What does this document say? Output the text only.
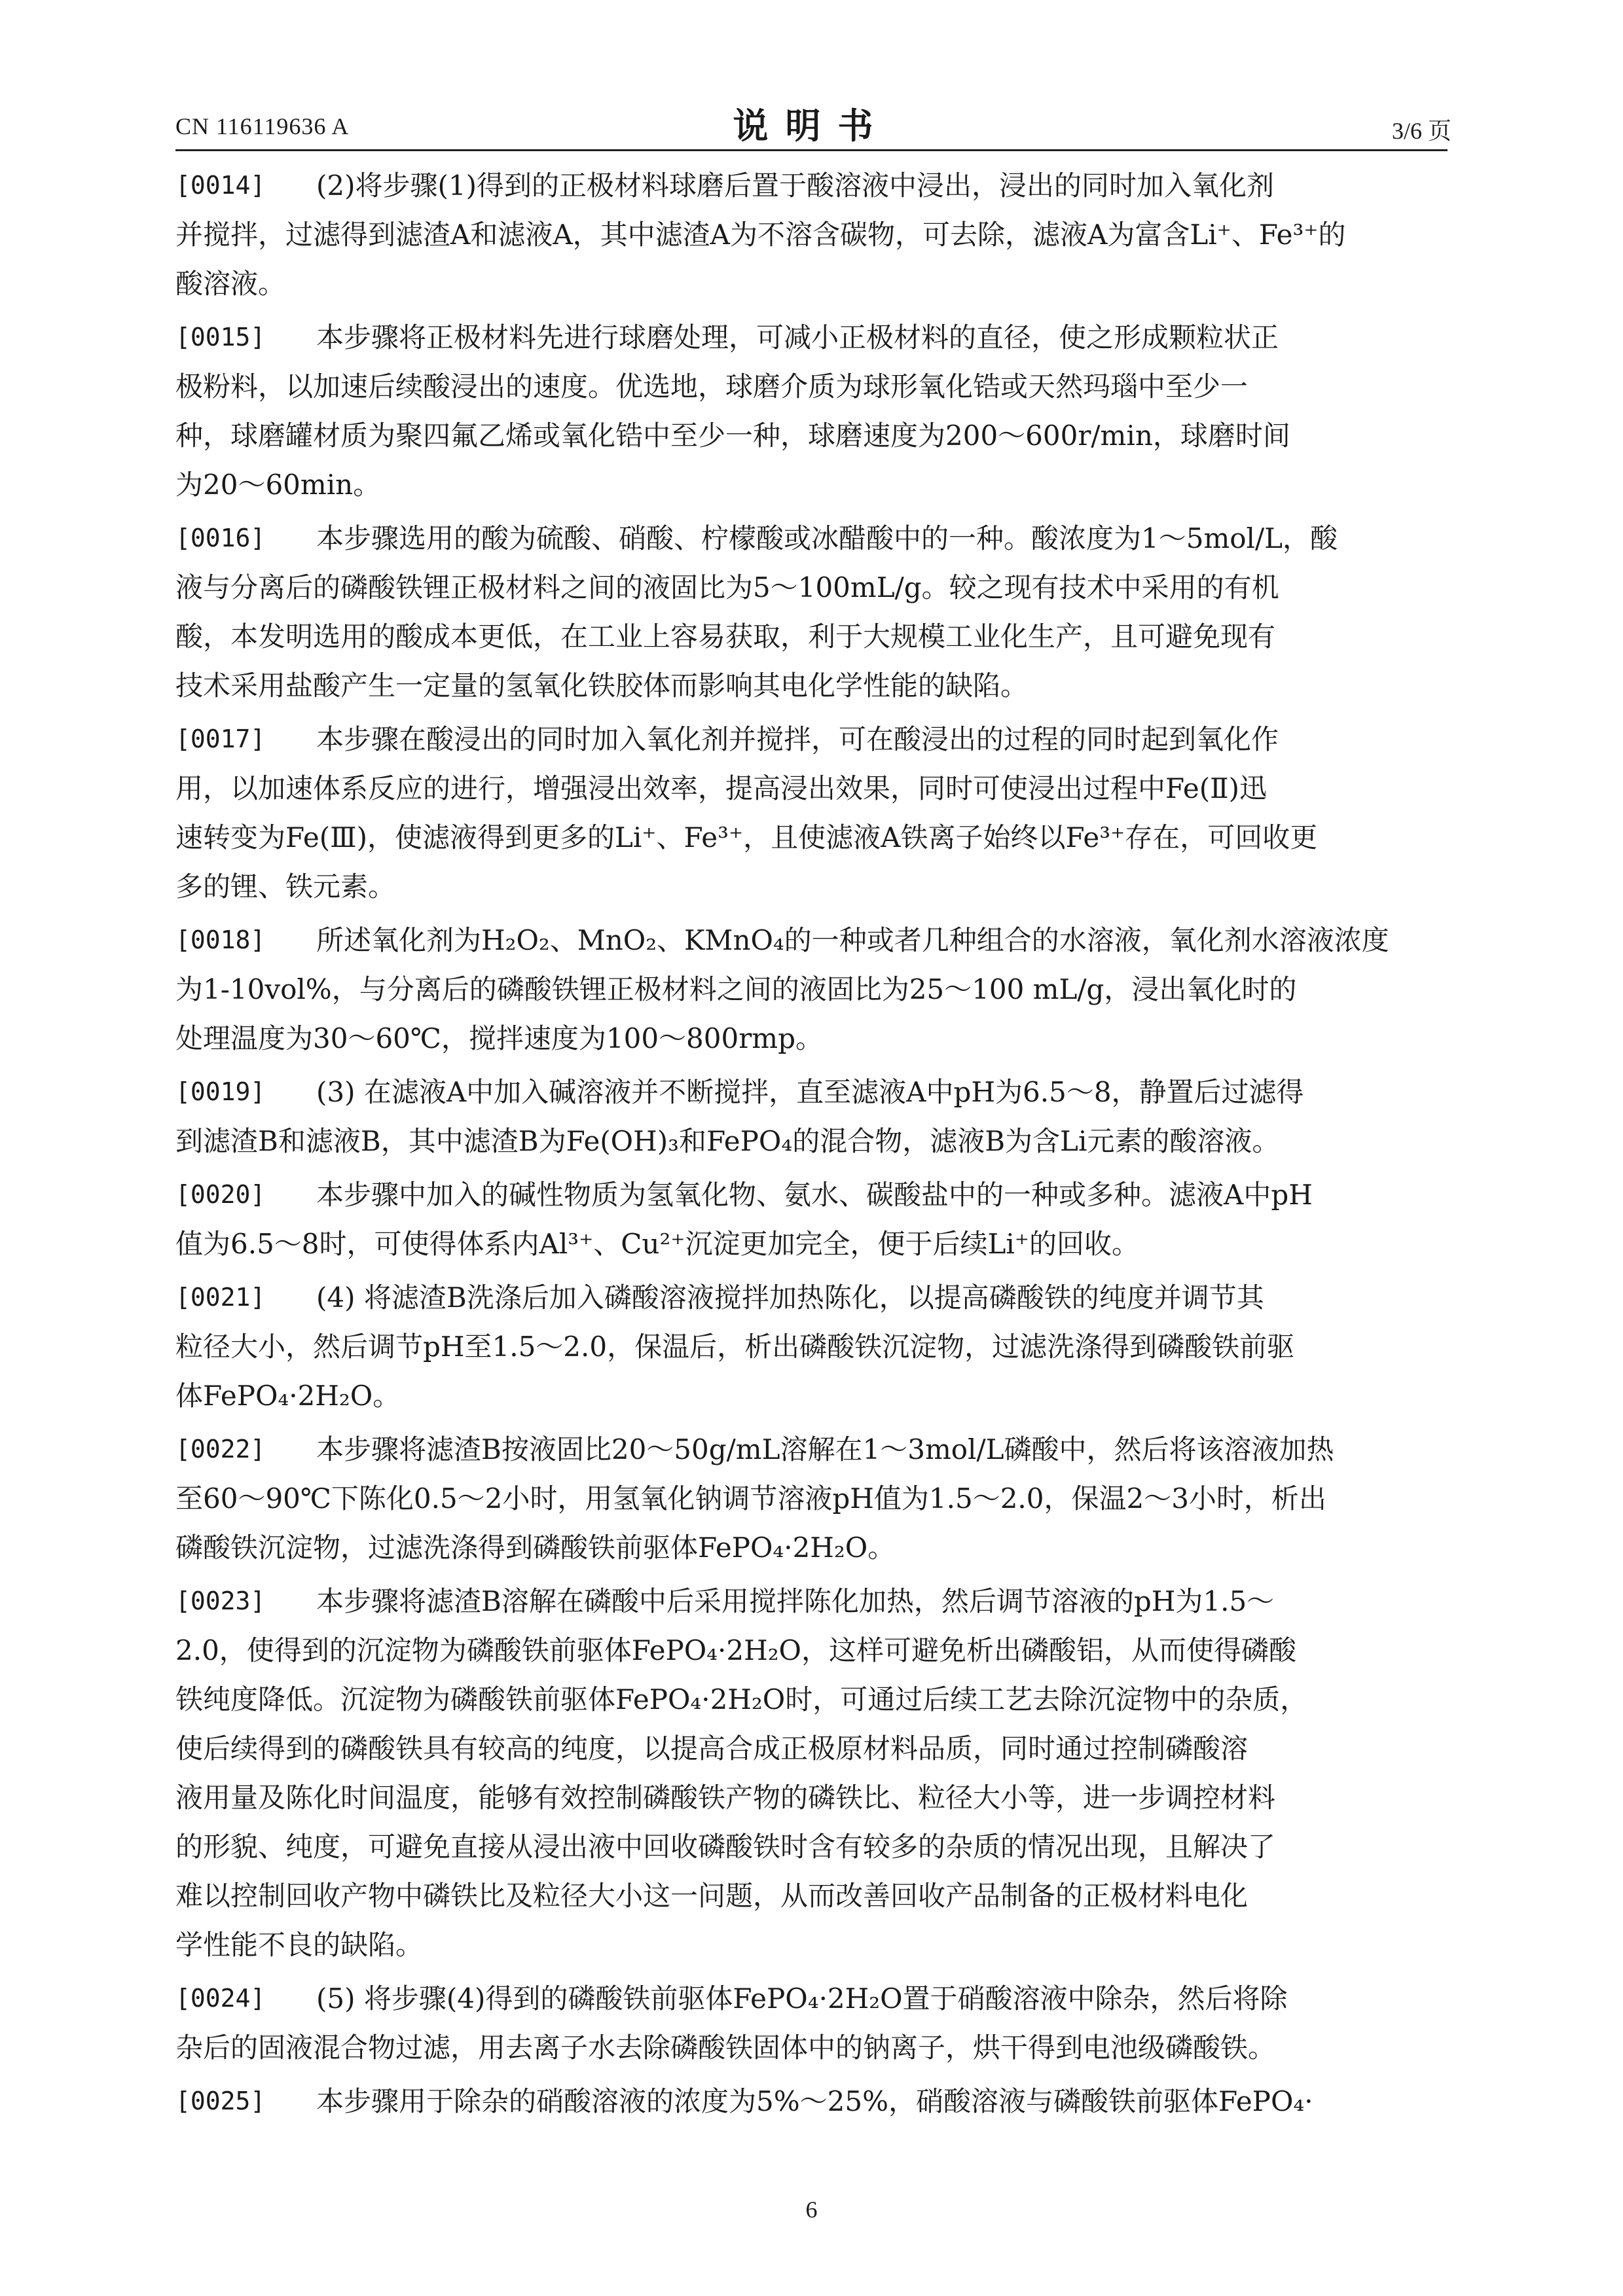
CN 116119636 A	说明书	3/6 页
[0014] (2)将步骤(1)得到的正极材料球磨后置于酸溶液中浸出，浸出的同时加入氧化剂
并搅拌，过滤得到滤渣A和滤液A，其中滤渣A为不溶含碳物，可去除，滤液A为富含Li⁺、Fe³⁺的
酸溶液。
[0015] 本步骤将正极材料先进行球磨处理，可减小正极材料的直径，使之形成颗粒状正
极粉料，以加速后续酸浸出的速度。优选地，球磨介质为球形氧化锆或天然玛瑙中至少一
种，球磨罐材质为聚四氟乙烯或氧化锆中至少一种，球磨速度为200～600r/min，球磨时间
为20～60min。
[0016] 本步骤选用的酸为硫酸、硝酸、柠檬酸或冰醋酸中的一种。酸浓度为1～5mol/L，酸
液与分离后的磷酸铁锂正极材料之间的液固比为5～100mL/g。较之现有技术中采用的有机
酸，本发明选用的酸成本更低，在工业上容易获取，利于大规模工业化生产，且可避免现有
技术采用盐酸产生一定量的氢氧化铁胶体而影响其电化学性能的缺陷。
[0017] 本步骤在酸浸出的同时加入氧化剂并搅拌，可在酸浸出的过程的同时起到氧化作
用，以加速体系反应的进行，增强浸出效率，提高浸出效果，同时可使浸出过程中Fe(Ⅱ)迅
速转变为Fe(Ⅲ)，使滤液得到更多的Li⁺、Fe³⁺，且使滤液A铁离子始终以Fe³⁺存在，可回收更
多的锂、铁元素。
[0018] 所述氧化剂为H₂O₂、MnO₂、KMnO₄的一种或者几种组合的水溶液，氧化剂水溶液浓度
为1-10vol%，与分离后的磷酸铁锂正极材料之间的液固比为25～100 mL/g，浸出氧化时的
处理温度为30～60℃，搅拌速度为100～800rmp。
[0019] (3) 在滤液A中加入碱溶液并不断搅拌，直至滤液A中pH为6.5～8，静置后过滤得
到滤渣B和滤液B，其中滤渣B为Fe(OH)₃和FePO₄的混合物，滤液B为含Li元素的酸溶液。
[0020] 本步骤中加入的碱性物质为氢氧化物、氨水、碳酸盐中的一种或多种。滤液A中pH
值为6.5～8时，可使得体系内Al³⁺、Cu²⁺沉淀更加完全，便于后续Li⁺的回收。
[0021] (4) 将滤渣B洗涤后加入磷酸溶液搅拌加热陈化，以提高磷酸铁的纯度并调节其
粒径大小，然后调节pH至1.5～2.0，保温后，析出磷酸铁沉淀物，过滤洗涤得到磷酸铁前驱
体FePO₄·2H₂O。
[0022] 本步骤将滤渣B按液固比20～50g/mL溶解在1～3mol/L磷酸中，然后将该溶液加热
至60～90℃下陈化0.5～2小时，用氢氧化钠调节溶液pH值为1.5～2.0，保温2～3小时，析出
磷酸铁沉淀物，过滤洗涤得到磷酸铁前驱体FePO₄·2H₂O。
[0023] 本步骤将滤渣B溶解在磷酸中后采用搅拌陈化加热，然后调节溶液的pH为1.5～
2.0，使得到的沉淀物为磷酸铁前驱体FePO₄·2H₂O，这样可避免析出磷酸铝，从而使得磷酸
铁纯度降低。沉淀物为磷酸铁前驱体FePO₄·2H₂O时，可通过后续工艺去除沉淀物中的杂质，
使后续得到的磷酸铁具有较高的纯度，以提高合成正极原材料品质，同时通过控制磷酸溶
液用量及陈化时间温度，能够有效控制磷酸铁产物的磷铁比、粒径大小等，进一步调控材料
的形貌、纯度，可避免直接从浸出液中回收磷酸铁时含有较多的杂质的情况出现，且解决了
难以控制回收产物中磷铁比及粒径大小这一问题，从而改善回收产品制备的正极材料电化
学性能不良的缺陷。
[0024] (5) 将步骤(4)得到的磷酸铁前驱体FePO₄·2H₂O置于硝酸溶液中除杂，然后将除
杂后的固液混合物过滤，用去离子水去除磷酸铁固体中的钠离子，烘干得到电池级磷酸铁。
[0025] 本步骤用于除杂的硝酸溶液的浓度为5%～25%，硝酸溶液与磷酸铁前驱体FePO₄·
6
